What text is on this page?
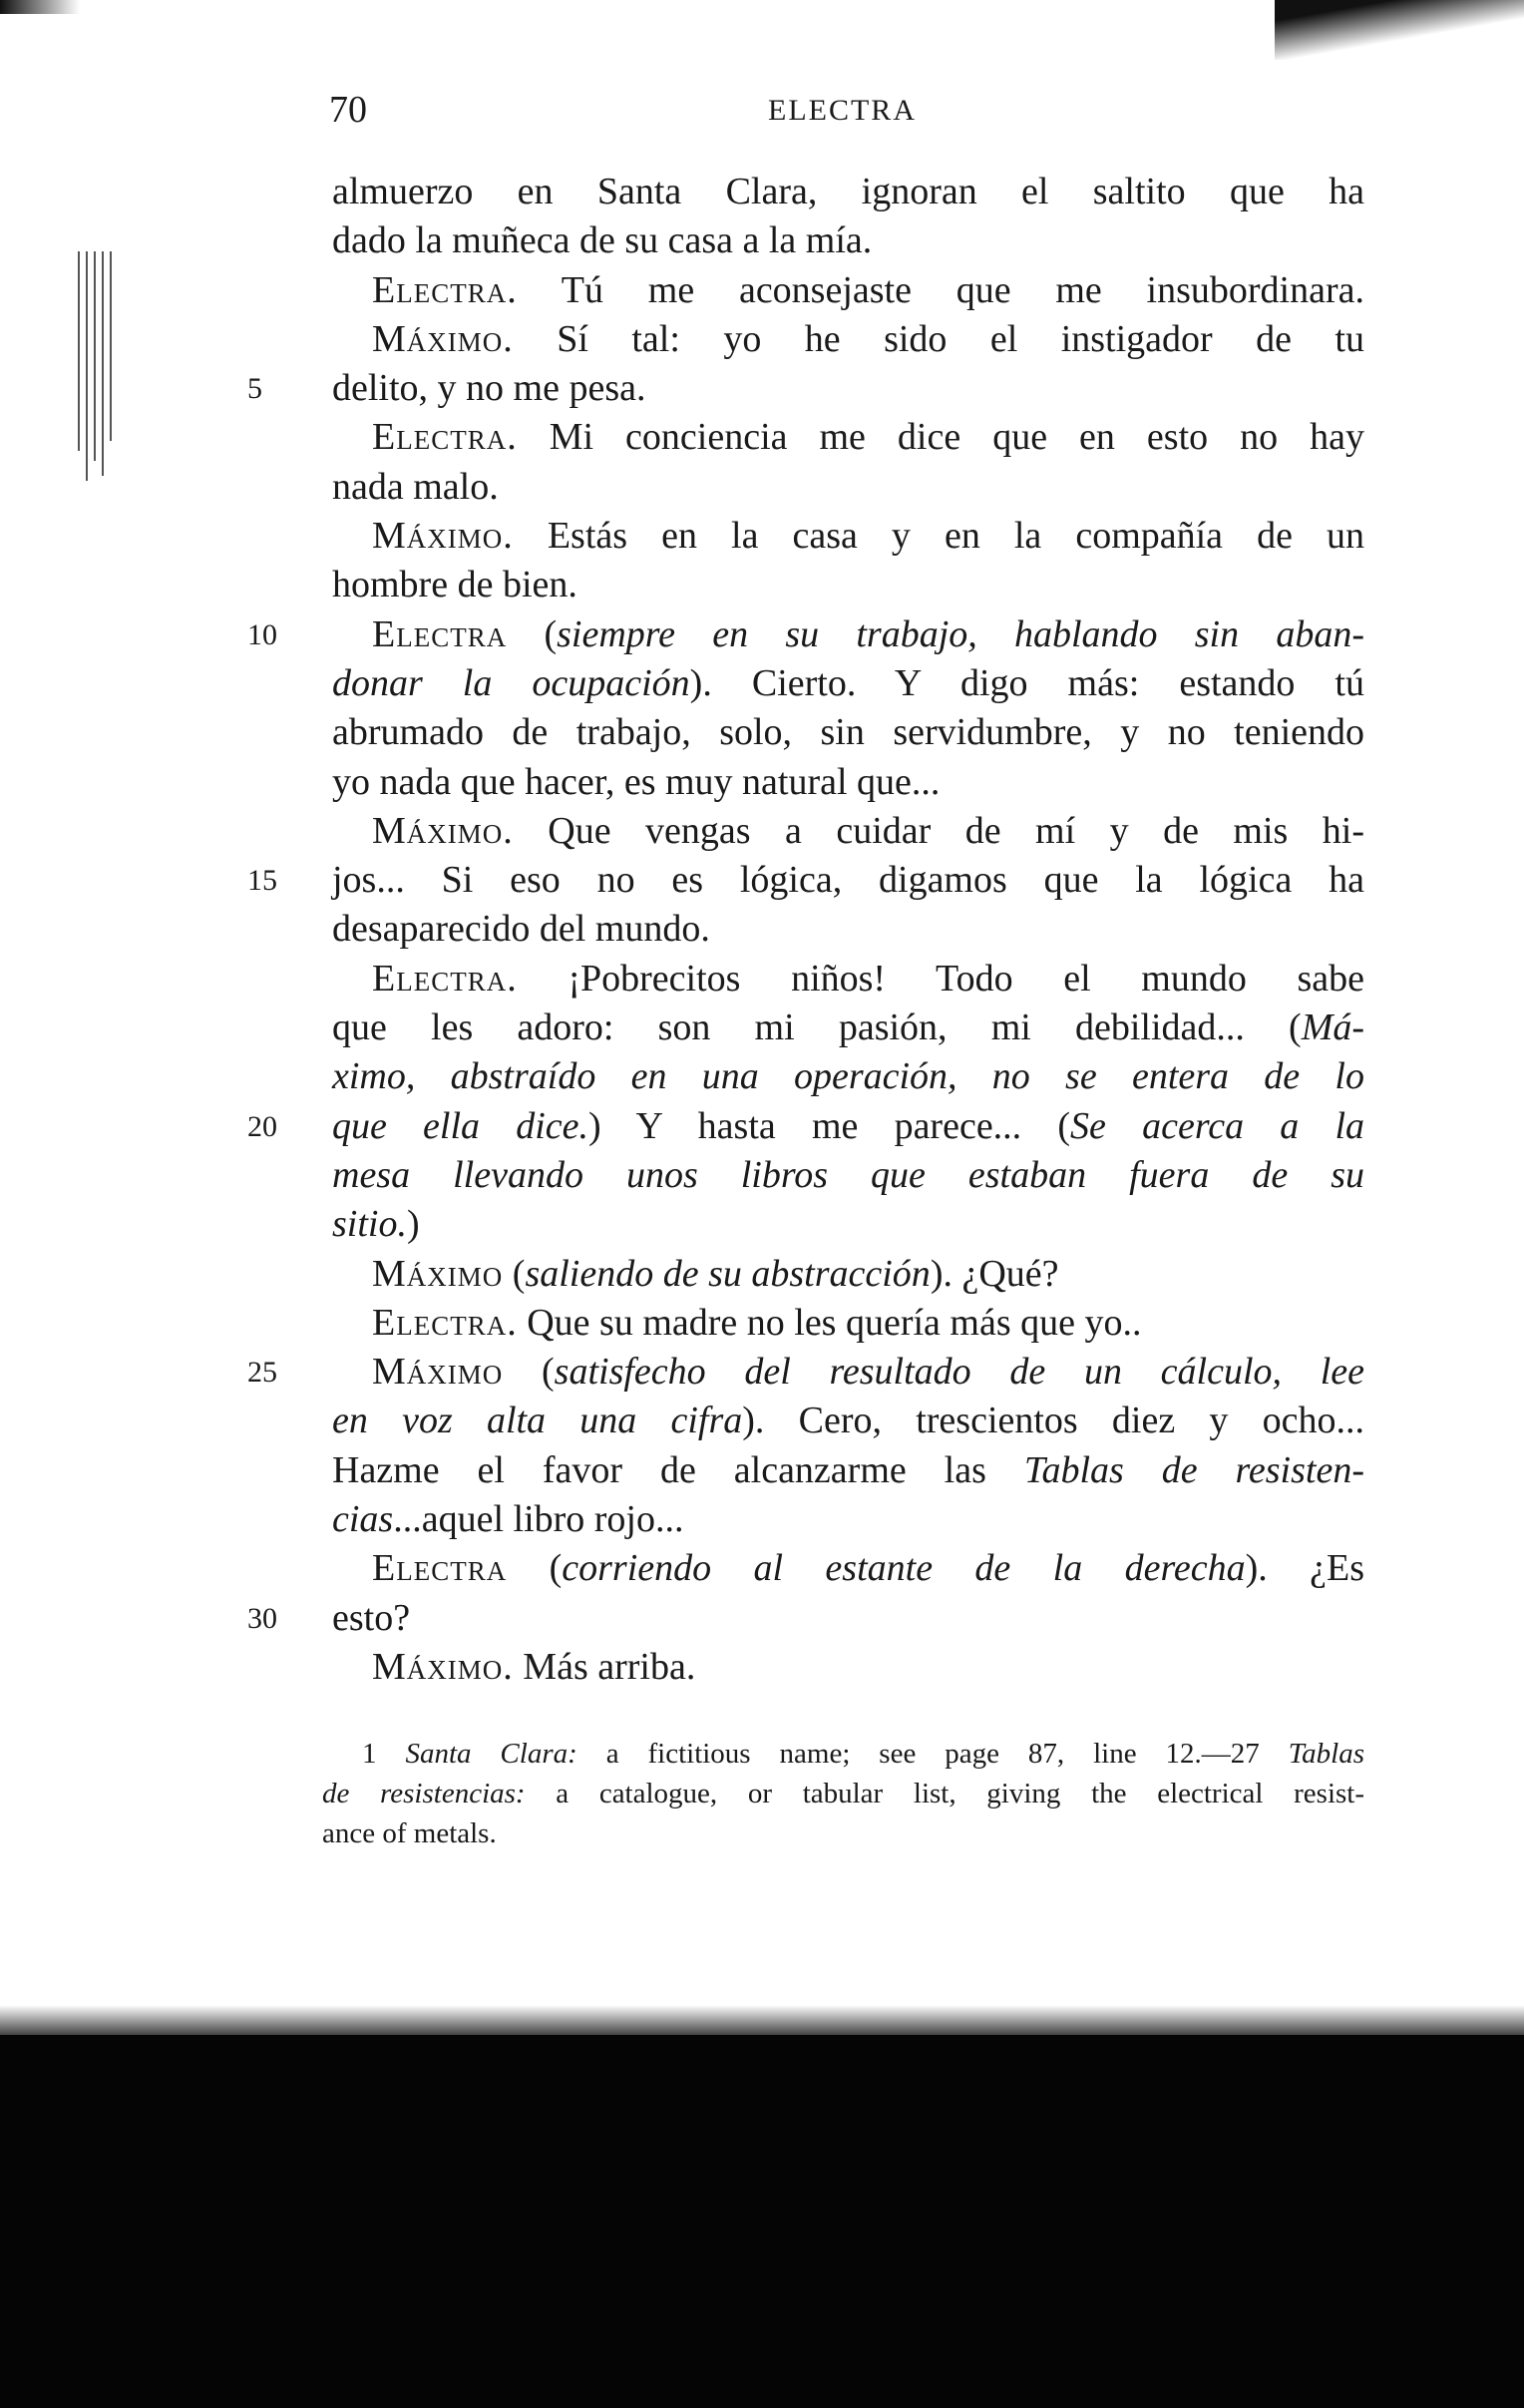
70	ELECTRA
almuerzo en Santa Clara, ignoran el saltito que ha
dado la muñeca de su casa a la mía.
Electra. Tú me aconsejaste que me insubordinara.
Máximo. Sí tal: yo he sido el instigador de tu
delito, y no me pesa.
5
Electra. Mi conciencia me dice que en esto no hay
nada malo.
Máximo. Estás en la casa y en la compañía de un
hombre de bien.
Electra (siempre en su trabajo, hablando sin aban-
10
donar la ocupación). Cierto. Y digo más: estando tú
abrumado de trabajo, solo, sin servidumbre, y no teniendo
yo nada que hacer, es muy natural que...
Máximo. Que vengas a cuidar de mí y de mis hi-
jos... Si eso no es lógica, digamos que la lógica ha
15
desaparecido del mundo.
Electra. ¡Pobrecitos niños! Todo el mundo sabe
que les adoro: son mi pasión, mi debilidad... (Má-
ximo, abstraído en una operación, no se entera de lo
que ella dice.) Y hasta me parece... (Se acerca a la
20
mesa llevando unos libros que estaban fuera de su
sitio.)
Máximo (saliendo de su abstracción). ¿Qué?
Electra. Que su madre no les quería más que yo..
Máximo (satisfecho del resultado de un cálculo, lee
25
en voz alta una cifra). Cero, trescientos diez y ocho...
Hazme el favor de alcanzarme las Tablas de resisten-
cias...aquel libro rojo...
Electra (corriendo al estante de la derecha). ¿Es
esto?
30
Máximo. Más arriba.
1 Santa Clara: a fictitious name; see page 87, line 12.—27 Tablas
de resistencias: a catalogue, or tabular list, giving the electrical resist-
ance of metals.
